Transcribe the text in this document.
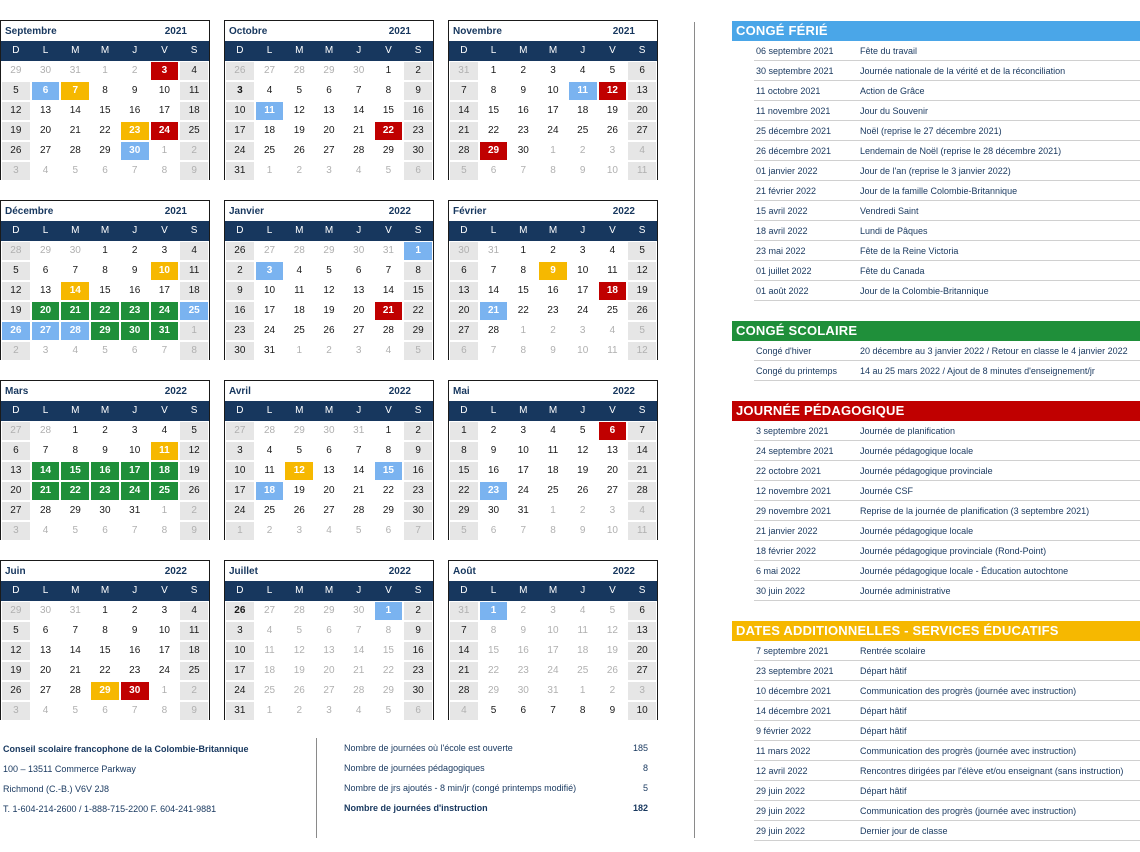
Septembre	2021
D	L	M	M	J	V	S
29	30	31	1	2	3	4
5	6	7	8	9	10	11
12	13	14	15	16	17	18
19	20	21	22	23	24	25
26	27	28	29	30	1	2
3	4	5	6	7	8	9
Octobre	2021
D	L	M	M	J	V	S
26	27	28	29	30	1	2
3	4	5	6	7	8	9
10	11	12	13	14	15	16
17	18	19	20	21	22	23
24	25	26	27	28	29	30
31	1	2	3	4	5	6
Novembre	2021
D	L	M	M	J	V	S
31	1	2	3	4	5	6
7	8	9	10	11	12	13
14	15	16	17	18	19	20
21	22	23	24	25	26	27
28	29	30	1	2	3	4
5	6	7	8	9	10	11
Décembre	2021
D	L	M	M	J	V	S
28	29	30	1	2	3	4
5	6	7	8	9	10	11
12	13	14	15	16	17	18
19	20	21	22	23	24	25
26	27	28	29	30	31	1
2	3	4	5	6	7	8
Janvier	2022
D	L	M	M	J	V	S
26	27	28	29	30	31	1
2	3	4	5	6	7	8
9	10	11	12	13	14	15
16	17	18	19	20	21	22
23	24	25	26	27	28	29
30	31	1	2	3	4	5
Février	2022
D	L	M	M	J	V	S
30	31	1	2	3	4	5
6	7	8	9	10	11	12
13	14	15	16	17	18	19
20	21	22	23	24	25	26
27	28	1	2	3	4	5
6	7	8	9	10	11	12
Mars	2022
D	L	M	M	J	V	S
27	28	1	2	3	4	5
6	7	8	9	10	11	12
13	14	15	16	17	18	19
20	21	22	23	24	25	26
27	28	29	30	31	1	2
3	4	5	6	7	8	9
Avril	2022
D	L	M	M	J	V	S
27	28	29	30	31	1	2
3	4	5	6	7	8	9
10	11	12	13	14	15	16
17	18	19	20	21	22	23
24	25	26	27	28	29	30
1	2	3	4	5	6	7
Mai	2022
D	L	M	M	J	V	S
1	2	3	4	5	6	7
8	9	10	11	12	13	14
15	16	17	18	19	20	21
22	23	24	25	26	27	28
29	30	31	1	2	3	4
5	6	7	8	9	10	11
Juin	2022
D	L	M	M	J	V	S
29	30	31	1	2	3	4
5	6	7	8	9	10	11
12	13	14	15	16	17	18
19	20	21	22	23	24	25
26	27	28	29	30	1	2
3	4	5	6	7	8	9
Juillet	2022
D	L	M	M	J	V	S
26	27	28	29	30	1	2
3	4	5	6	7	8	9
10	11	12	13	14	15	16
17	18	19	20	21	22	23
24	25	26	27	28	29	30
31	1	2	3	4	5	6
Août	2022
D	L	M	M	J	V	S
31	1	2	3	4	5	6
7	8	9	10	11	12	13
14	15	16	17	18	19	20
21	22	23	24	25	26	27
28	29	30	31	1	2	3
4	5	6	7	8	9	10
Conseil scolaire francophone de la Colombie-Britannique
100 – 13511 Commerce Parkway
Richmond (C.-B.) V6V 2J8
T. 1-604-214-2600 / 1-888-715-2200 F. 604-241-9881
Nombre de journées où l'école est ouverte	185
Nombre de journées pédagogiques	8
Nombre de jrs ajoutés - 8 min/jr (congé printemps modifié)	5
Nombre de journées d'instruction	182
CONGÉ FÉRIÉ
06 septembre 2021	Fête du travail
30 septembre 2021	Journée nationale de la vérité et de la réconciliation
11 octobre 2021	Action de Grâce
11 novembre 2021	Jour du Souvenir
25 décembre 2021	Noël (reprise le 27 décembre 2021)
26 décembre 2021	Lendemain de Noël (reprise le 28 décembre 2021)
01 janvier 2022	Jour de l'an (reprise le 3 janvier 2022)
21 février 2022	Jour de la famille Colombie-Britannique
15 avril 2022	Vendredi Saint
18 avril 2022	Lundi de Pâques
23 mai 2022	Fête de la Reine Victoria
01 juillet 2022	Fête du Canada
01 août 2022	Jour de la Colombie-Britannique
CONGÉ SCOLAIRE
Congé d'hiver	20 décembre au 3 janvier 2022 / Retour en classe le 4 janvier 2022
Congé du printemps	14 au 25 mars 2022 / Ajout de 8 minutes d'enseignement/jr
JOURNÉE PÉDAGOGIQUE
3 septembre 2021	Journée de planification
24 septembre 2021	Journée pédagogique locale
22 octobre 2021	Journée pédagogique provinciale
12 novembre 2021	Journée CSF
29 novembre 2021	Reprise de la journée de planification (3 septembre 2021)
21 janvier 2022	Journée pédagogique locale
18 février 2022	Journée pédagogique provinciale (Rond-Point)
6 mai 2022	Journée pédagogique locale - Éducation autochtone
30 juin 2022	Journée administrative
DATES ADDITIONNELLES - SERVICES ÉDUCATIFS
7 septembre 2021	Rentrée scolaire
23 septembre 2021	Départ hâtif
10 décembre 2021	Communication des progrès (journée avec instruction)
14 décembre 2021	Départ hâtif
9 février 2022	Départ hâtif
11 mars 2022	Communication des progrès (journée avec instruction)
12 avril 2022	Rencontres dirigées par l'élève et/ou enseignant (sans instruction)
29 juin 2022	Départ hâtif
29 juin 2022	Communication des progrès (journée avec instruction)
29 juin 2022	Dernier jour de classe
